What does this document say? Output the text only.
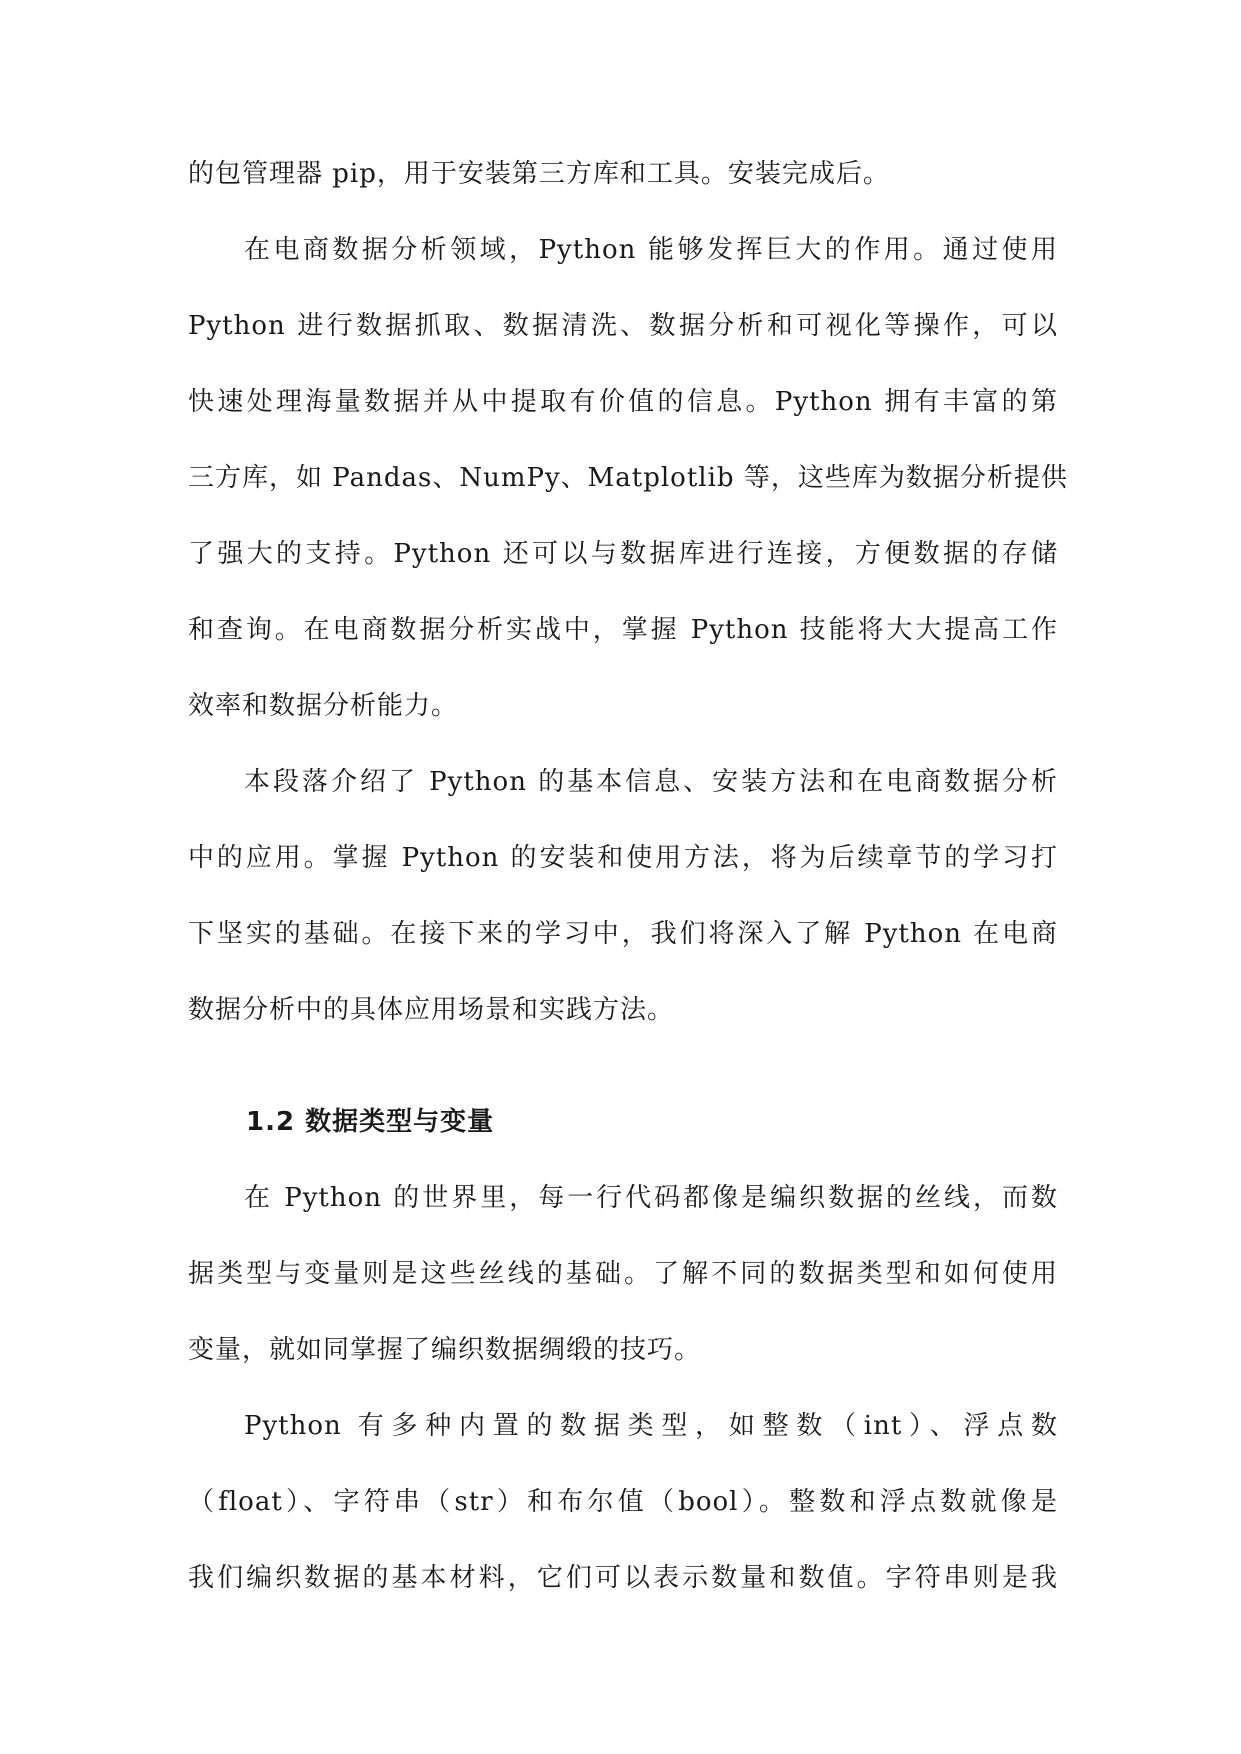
的包管理器 pip，用于安装第三方库和工具。安装完成后。
在电商数据分析领域，Python 能够发挥巨大的作用。通过使用
Python 进行数据抓取、数据清洗、数据分析和可视化等操作，可以
快速处理海量数据并从中提取有价值的信息。Python 拥有丰富的第
三方库，如 Pandas、NumPy、Matplotlib 等，这些库为数据分析提供
了强大的支持。Python 还可以与数据库进行连接，方便数据的存储
和查询。在电商数据分析实战中，掌握 Python 技能将大大提高工作
效率和数据分析能力。
本段落介绍了 Python 的基本信息、安装方法和在电商数据分析
中的应用。掌握 Python 的安装和使用方法，将为后续章节的学习打
下坚实的基础。在接下来的学习中，我们将深入了解 Python 在电商
数据分析中的具体应用场景和实践方法。
1.2 数据类型与变量
在 Python 的世界里，每一行代码都像是编织数据的丝线，而数
据类型与变量则是这些丝线的基础。了解不同的数据类型和如何使用
变量，就如同掌握了编织数据绸缎的技巧。
Python 有多种内置的数据类型，如整数（int）、浮点数
（float）、字符串（str）和布尔值（bool）。整数和浮点数就像是
我们编织数据的基本材料，它们可以表示数量和数值。字符串则是我
